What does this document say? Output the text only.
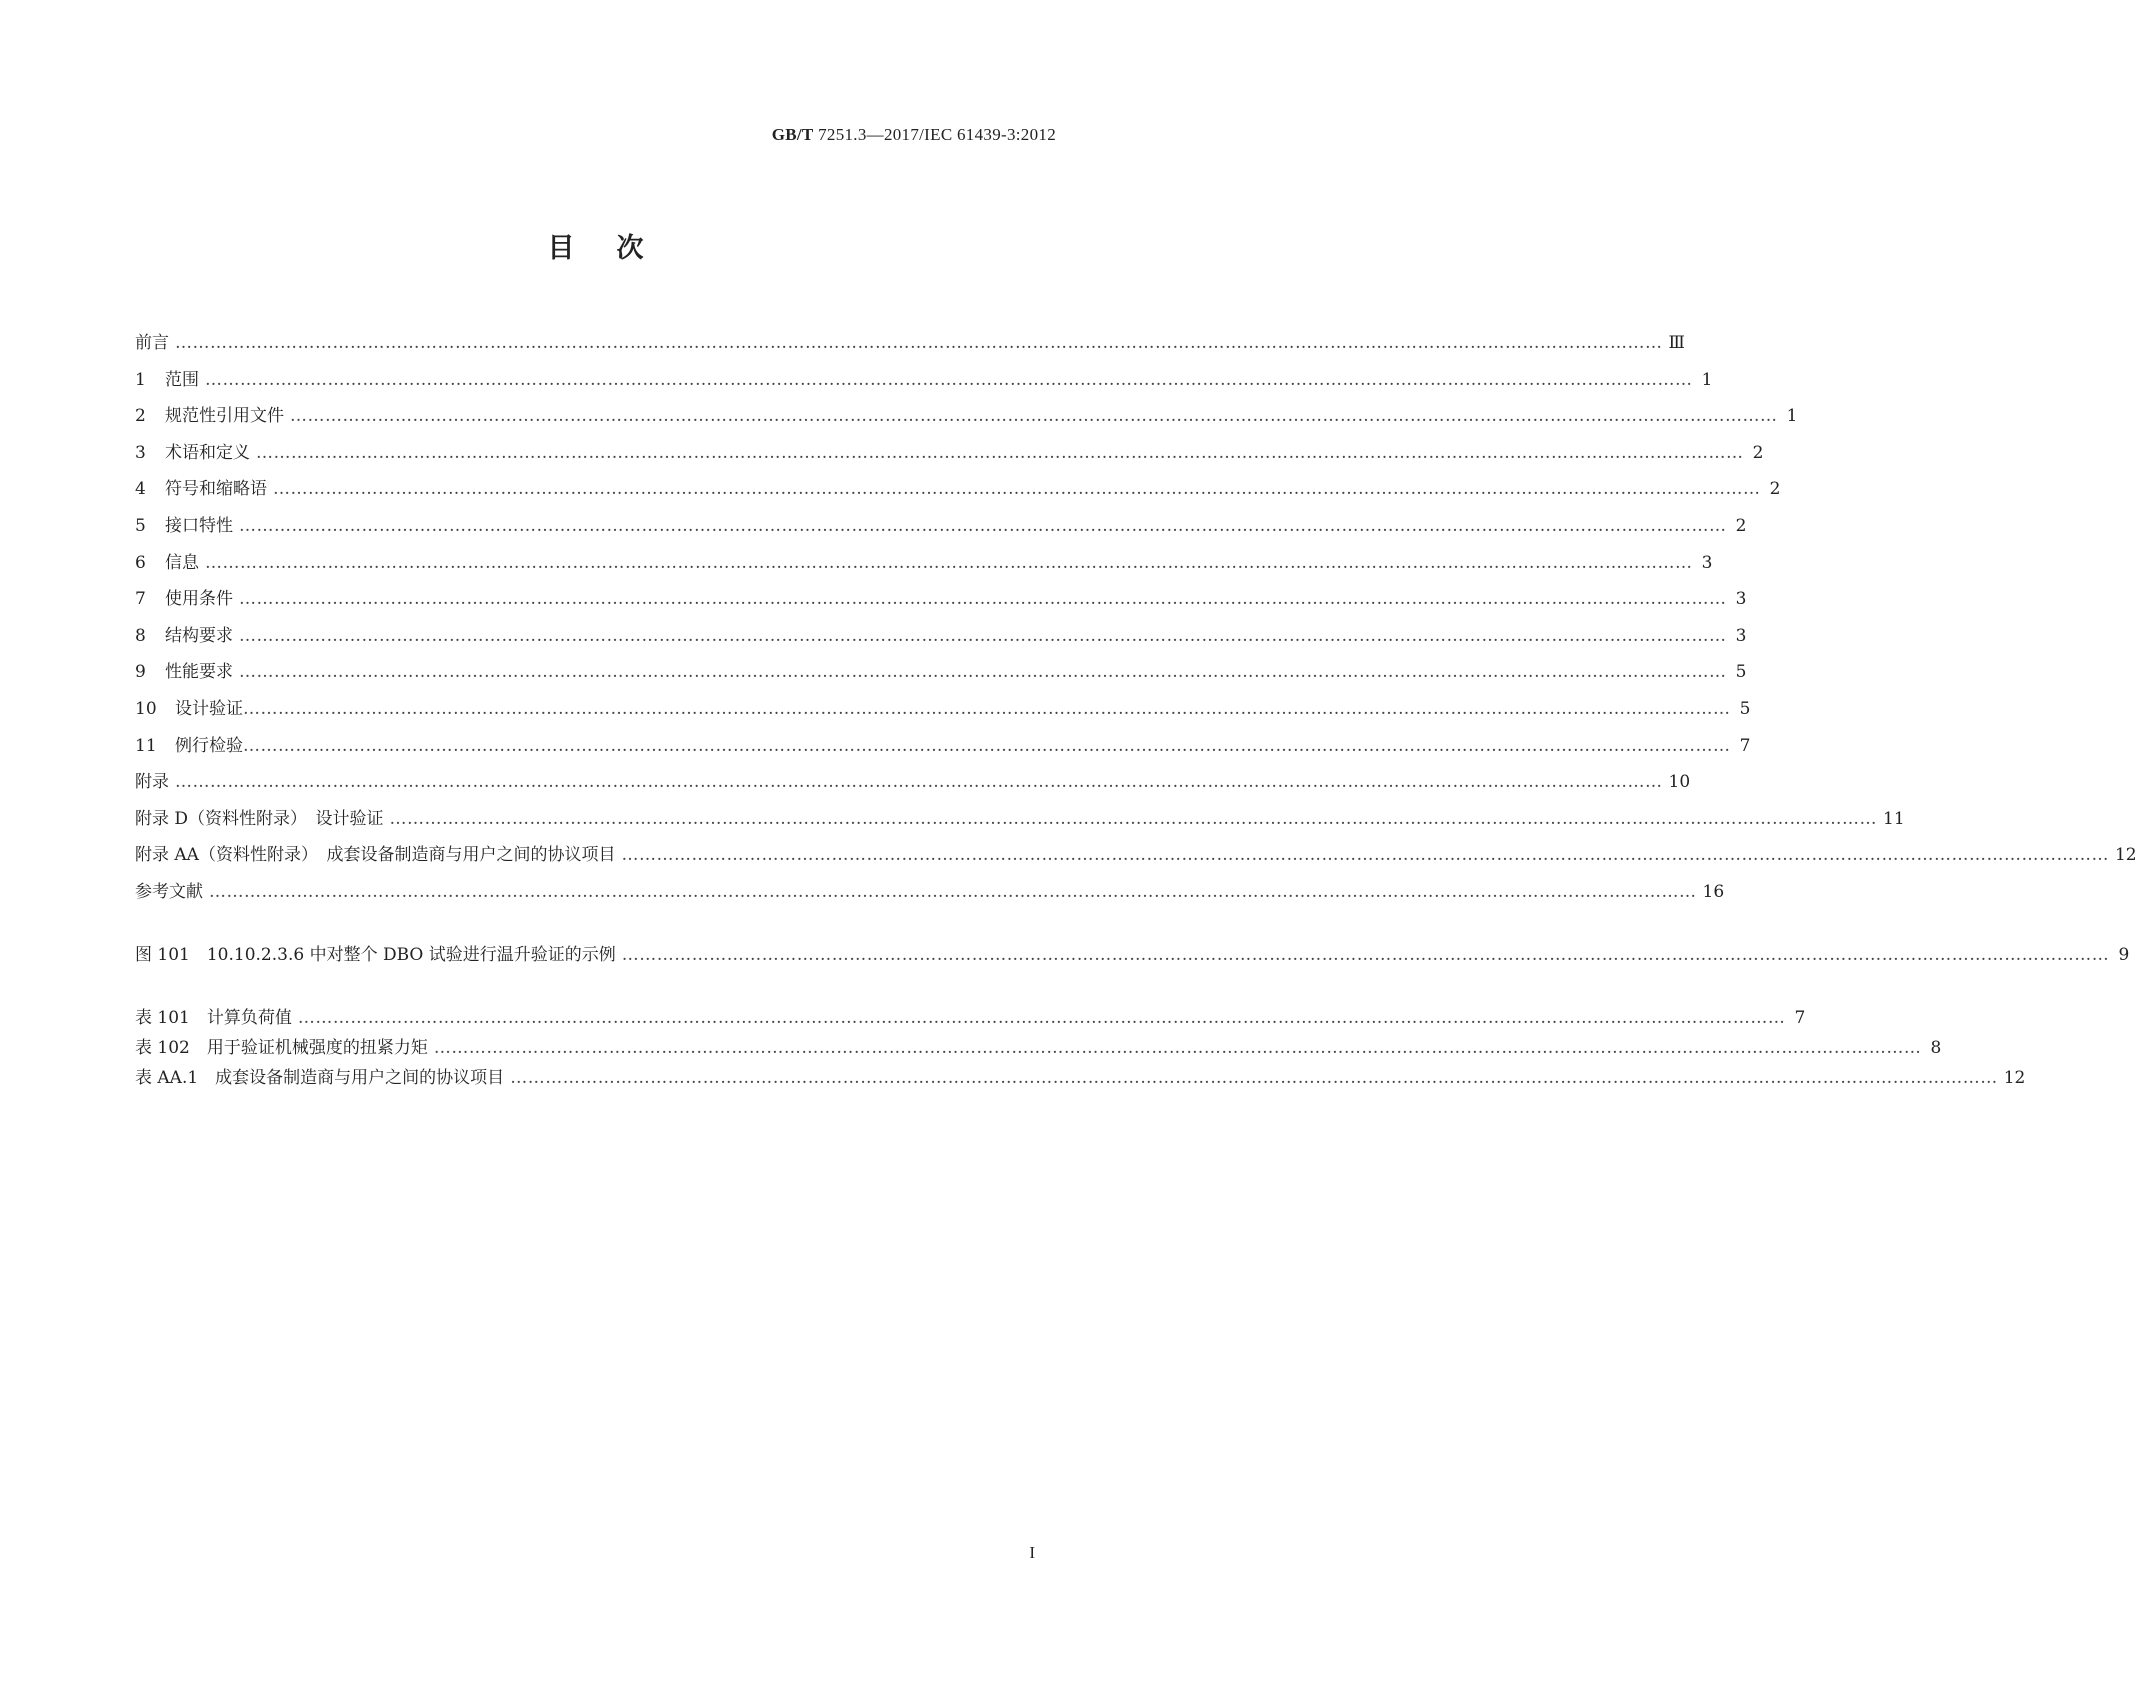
GB/T 7251.3—2017/IEC 61439-3:2012
目次
前言 ………………………………………………………………………………………………………………………………………………………………………………………………………………………………… Ⅲ
1 范围 ………………………………………………………………………………………………………………………………………………………………………………………………………………………………… 1
2 规范性引用文件 ………………………………………………………………………………………………………………………………………………………………………………………………………………………………… 1
3 术语和定义 ………………………………………………………………………………………………………………………………………………………………………………………………………………………………… 2
4 符号和缩略语 ………………………………………………………………………………………………………………………………………………………………………………………………………………………………… 2
5 接口特性 ………………………………………………………………………………………………………………………………………………………………………………………………………………………………… 2
6 信息 ………………………………………………………………………………………………………………………………………………………………………………………………………………………………… 3
7 使用条件 ………………………………………………………………………………………………………………………………………………………………………………………………………………………………… 3
8 结构要求 ………………………………………………………………………………………………………………………………………………………………………………………………………………………………… 3
9 性能要求 ………………………………………………………………………………………………………………………………………………………………………………………………………………………………… 5
10 设计验证 ………………………………………………………………………………………………………………………………………………………………………………………………………………………………… 5
11 例行检验 ………………………………………………………………………………………………………………………………………………………………………………………………………………………………… 7
附录 ………………………………………………………………………………………………………………………………………………………………………………………………………………………………… 10
附录 D（资料性附录）　设计验证 ………………………………………………………………………………………………………………………………………………………………………………………………………………………………… 11
附录 AA（资料性附录）　成套设备制造商与用户之间的协议项目 ………………………………………………………………………………………………………………………………………………………………………………………………………………………………… 12
参考文献 ………………………………………………………………………………………………………………………………………………………………………………………………………………………………… 16
图 101　10.10.2.3.6 中对整个 DBO 试验进行温升验证的示例 ………………………………………………………………………………………………………………………………………………………………………………………………………………………………… 9
表 101　计算负荷值 ………………………………………………………………………………………………………………………………………………………………………………………………………………………………… 7
表 102　用于验证机械强度的扭紧力矩 ………………………………………………………………………………………………………………………………………………………………………………………………………………………………… 8
表 AA.1　成套设备制造商与用户之间的协议项目 ………………………………………………………………………………………………………………………………………………………………………………………………………………………………… 12
I
